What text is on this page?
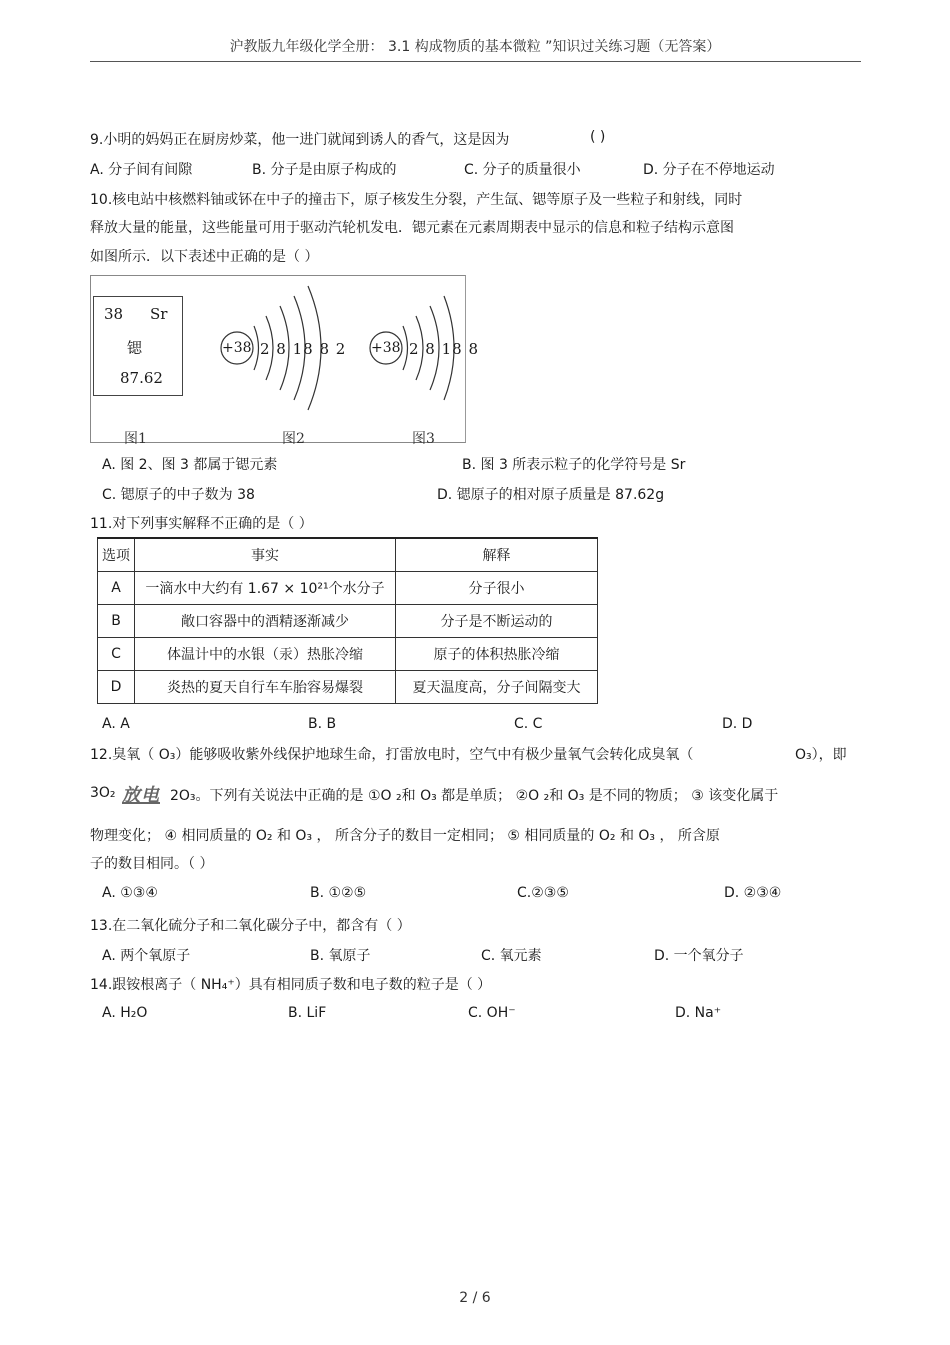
沪教版九年级化学全册： 3.1 构成物质的基本微粒 ”知识过关练习题（无答案）
9.小明的妈妈正在厨房炒菜，他一进门就闻到诱人的香气，这是因为	( )
A. 分子间有间隙	B. 分子是由原子构成的	C. 分子的质量很小	D. 分子在不停地运动
10.核电站中核燃料铀或钚在中子的撞击下，原子核发生分裂，产生氙、锶等原子及一些粒子和射线，同时
释放大量的能量，这些能量可用于驱动汽轮机发电．锶元素在元素周期表中显示的信息和粒子结构示意图
如图所示．以下表述中正确的是（ ）
38 Sr
锶
87.62
+38 2 8 18 8 2 +38 2 8 18 8
图1	图2	图3
A. 图 2、图 3 都属于锶元素	B. 图 3 所表示粒子的化学符号是 Sr
C. 锶原子的中子数为 38	D. 锶原子的相对原子质量是 87.62g
11.对下列事实解释不正确的是（ ）
选项	事实	解释
A	一滴水中大约有 1.67 × 10²¹个水分子	分子很小
B	敞口容器中的酒精逐渐减少	分子是不断运动的
C	体温计中的水银（汞）热胀冷缩	原子的体积热胀冷缩
D	炎热的夏天自行车车胎容易爆裂	夏天温度高，分子间隔变大
A. A	B. B	C. C	D. D
12.臭氧（ O₃）能够吸收紫外线保护地球生命，打雷放电时，空气中有极少量氧气会转化成臭氧（	O₃），即
3O₂ 放电 2O₃。下列有关说法中正确的是 ①O ₂和 O₃ 都是单质； ②O ₂和 O₃ 是不同的物质； ③ 该变化属于
物理变化； ④ 相同质量的 O₂ 和 O₃ ， 所含分子的数目一定相同； ⑤ 相同质量的 O₂ 和 O₃ ， 所含原
子的数目相同。（ ）
A. ①③④	B. ①②⑤	C.②③⑤	D. ②③④
13.在二氧化硫分子和二氧化碳分子中，都含有（ ）
A. 两个氧原子	B. 氧原子	C. 氧元素	D. 一个氧分子
14.跟铵根离子（ NH₄⁺）具有相同质子数和电子数的粒子是（ ）
A. H₂O	B. LiF	C. OH⁻	D. Na⁺
2 / 6
